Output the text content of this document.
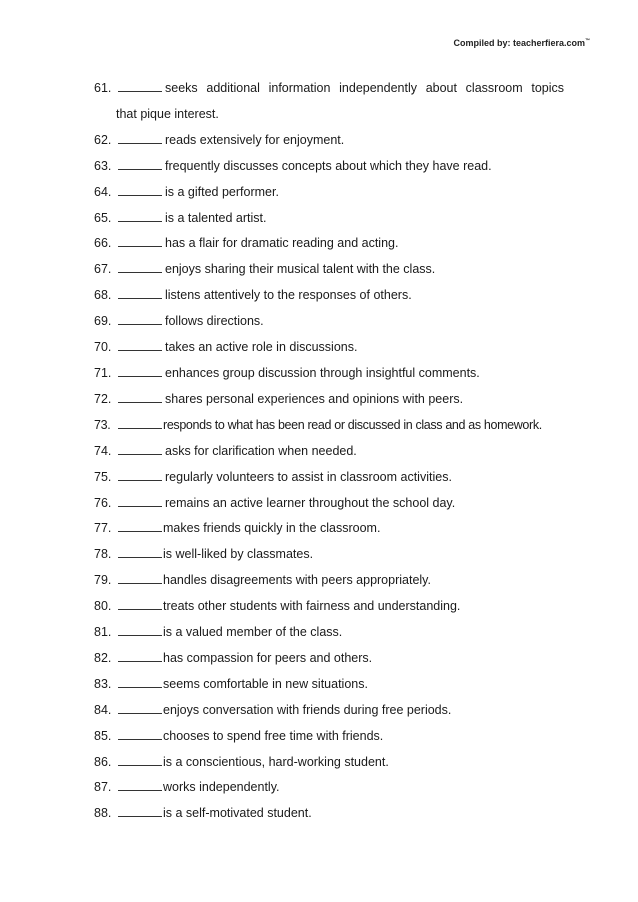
Compiled by: teacherfiera.com™
61.	seeks additional information independently about classroom topics
that pique interest.
62.	reads extensively for enjoyment.
63.	frequently discusses concepts about which they have read.
64.	is a gifted performer.
65.	is a talented artist.
66.	has a flair for dramatic reading and acting.
67.	enjoys sharing their musical talent with the class.
68.	listens attentively to the responses of others.
69.	follows directions.
70.	takes an active role in discussions.
71.	enhances group discussion through insightful comments.
72.	shares personal experiences and opinions with peers.
73.	responds to what has been read or discussed in class and as homework.
74.	asks for clarification when needed.
75.	regularly volunteers to assist in classroom activities.
76.	remains an active learner throughout the school day.
77.	makes friends quickly in the classroom.
78.	is well-liked by classmates.
79.	handles disagreements with peers appropriately.
80.	treats other students with fairness and understanding.
81.	is a valued member of the class.
82.	has compassion for peers and others.
83.	seems comfortable in new situations.
84.	enjoys conversation with friends during free periods.
85.	chooses to spend free time with friends.
86.	is a conscientious, hard-working student.
87.	works independently.
88.	is a self-motivated student.
